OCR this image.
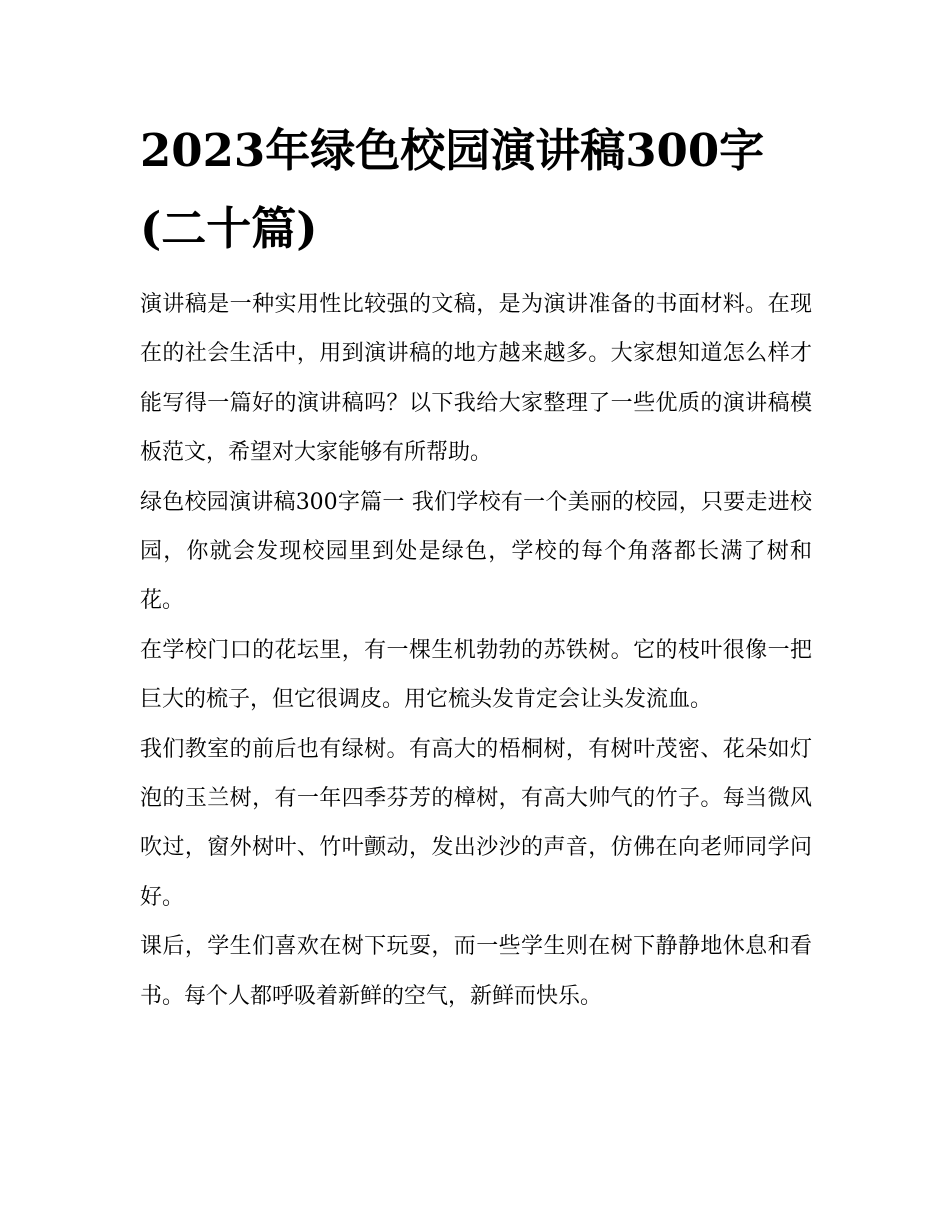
2023年绿色校园演讲稿300字(二十篇)

演讲稿是一种实用性比较强的文稿，是为演讲准备的书面材料。在现在的社会生活中，用到演讲稿的地方越来越多。大家想知道怎么样才能写得一篇好的演讲稿吗？以下我给大家整理了一些优质的演讲稿模板范文，希望对大家能够有所帮助。

绿色校园演讲稿300字篇一 我们学校有一个美丽的校园，只要走进校园，你就会发现校园里到处是绿色，学校的每个角落都长满了树和花。

在学校门口的花坛里，有一棵生机勃勃的苏铁树。它的枝叶很像一把巨大的梳子，但它很调皮。用它梳头发肯定会让头发流血。

我们教室的前后也有绿树。有高大的梧桐树，有树叶茂密、花朵如灯泡的玉兰树，有一年四季芬芳的樟树，有高大帅气的竹子。每当微风吹过，窗外树叶、竹叶颤动，发出沙沙的声音，仿佛在向老师同学问好。

课后，学生们喜欢在树下玩耍，而一些学生则在树下静静地休息和看书。每个人都呼吸着新鲜的空气，新鲜而快乐。
